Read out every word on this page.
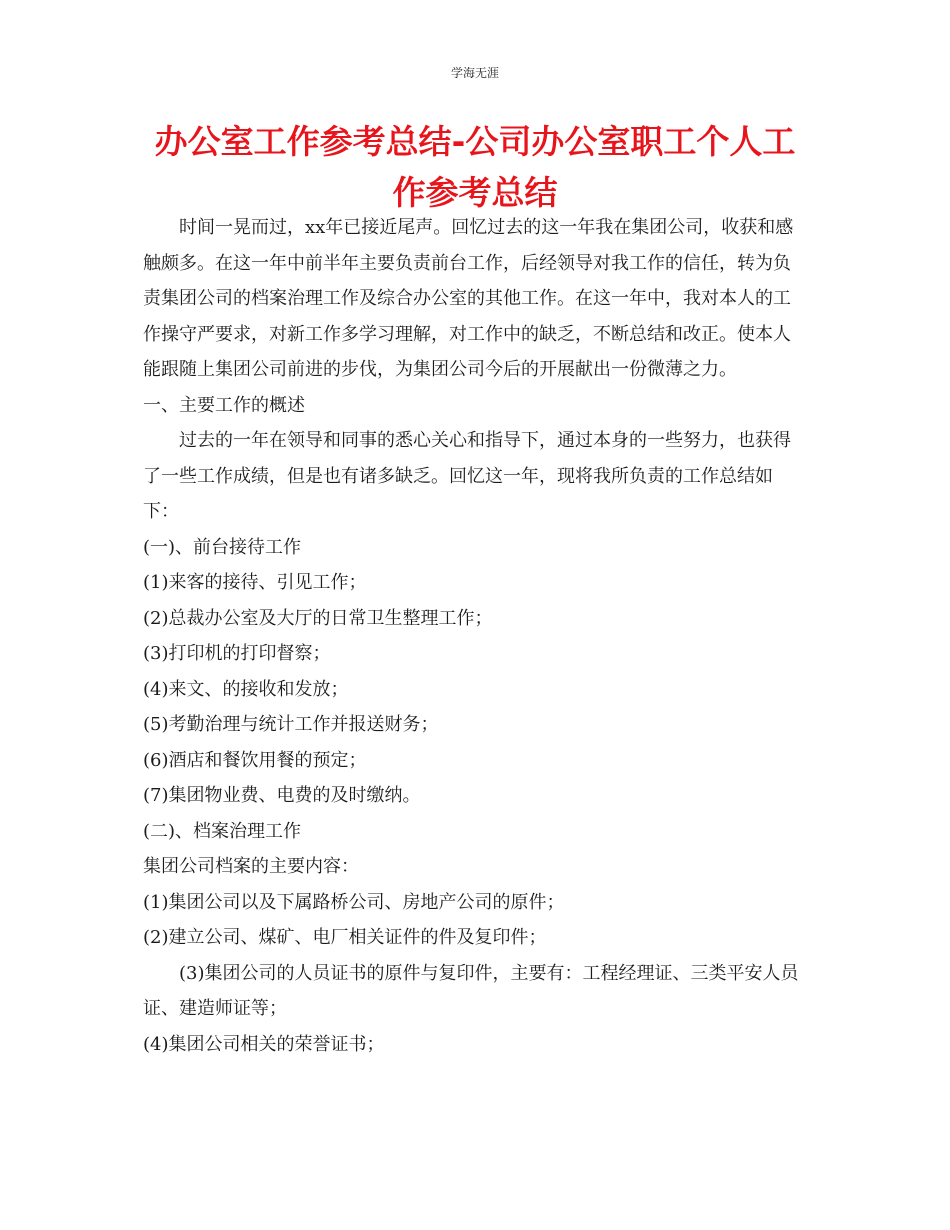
学海无涯
办公室工作参考总结-公司办公室职工个人工作参考总结

时间一晃而过，xx年已接近尾声。回忆过去的这一年我在集团公司，收获和感触颇多。在这一年中前半年主要负责前台工作，后经领导对我工作的信任，转为负责集团公司的档案治理工作及综合办公室的其他工作。在这一年中，我对本人的工作操守严要求，对新工作多学习理解，对工作中的缺乏，不断总结和改正。使本人能跟随上集团公司前进的步伐，为集团公司今后的开展献出一份微薄之力。

一、主要工作的概述

过去的一年在领导和同事的悉心关心和指导下，通过本身的一些努力，也获得了一些工作成绩，但是也有诸多缺乏。回忆这一年，现将我所负责的工作总结如下：

(一)、前台接待工作

(1)来客的接待、引见工作；

(2)总裁办公室及大厅的日常卫生整理工作；

(3)打印机的打印督察；

(4)来文、的接收和发放；

(5)考勤治理与统计工作并报送财务；

(6)酒店和餐饮用餐的预定；

(7)集团物业费、电费的及时缴纳。

(二)、档案治理工作

集团公司档案的主要内容：

(1)集团公司以及下属路桥公司、房地产公司的原件；

(2)建立公司、煤矿、电厂相关证件的件及复印件；

(3)集团公司的人员证书的原件与复印件，主要有：工程经理证、三类平安人员证、建造师证等；

(4)集团公司相关的荣誉证书；
